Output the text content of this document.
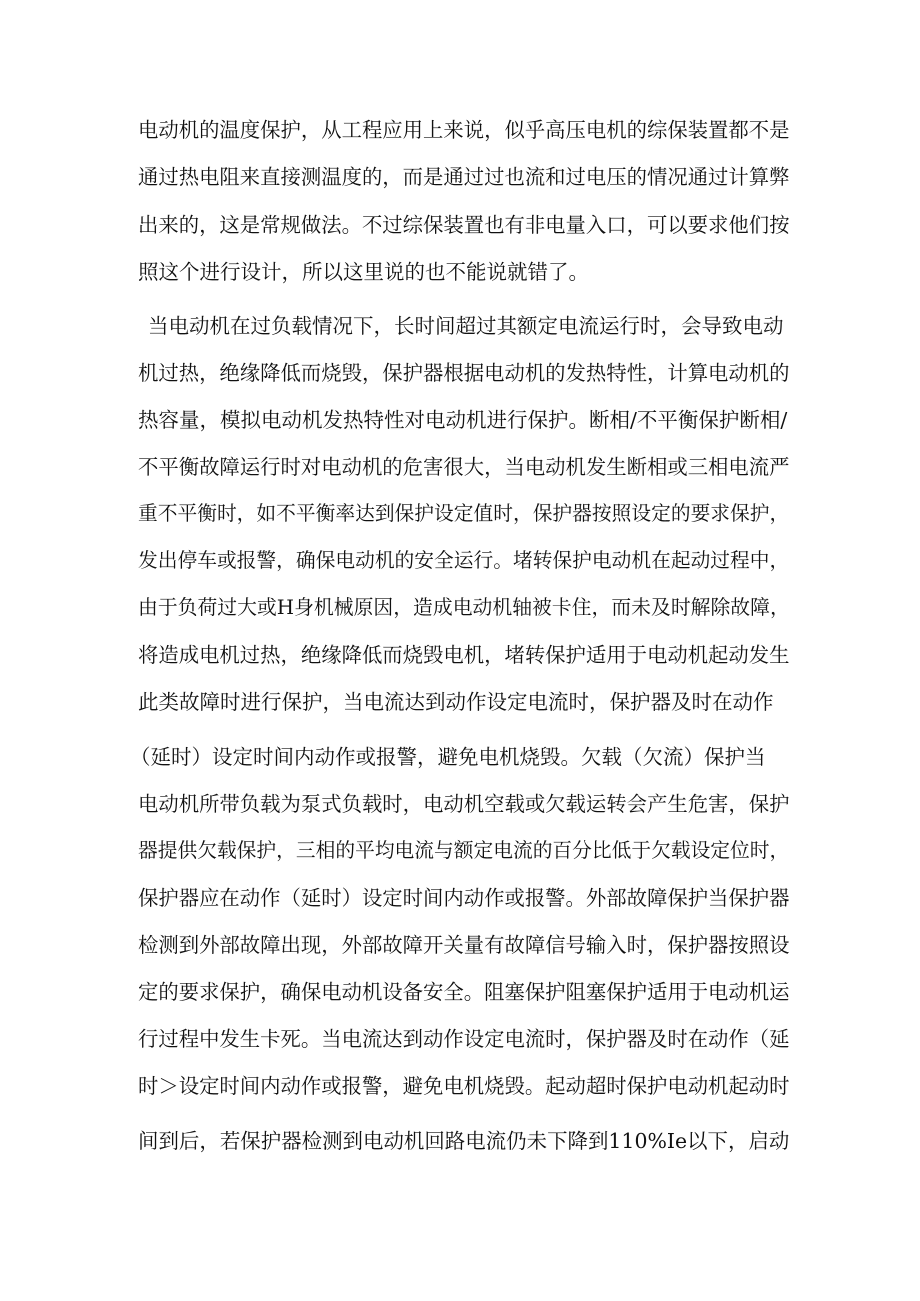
电动机的温度保护，从工程应用上来说，似乎高压电机的综保装置都不是
通过热电阻来直接测温度的，而是通过过也流和过电压的情况通过计算弊
出来的，这是常规做法。不过综保装置也有非电量入口，可以要求他们按
照这个进行设计，所以这里说的也不能说就错了。
当电动机在过负载情况下，长时间超过其额定电流运行时，会导致电动
机过热，绝缘降低而烧毁，保护器根据电动机的发热特性，计算电动机的
热容量，模拟电动机发热特性对电动机进行保护。断相/不平衡保护断相/
不平衡故障运行时对电动机的危害很大，当电动机发生断相或三相电流严
重不平衡时，如不平衡率达到保护设定值时，保护器按照设定的要求保护，
发出停车或报警，确保电动机的安全运行。堵转保护电动机在起动过程中，
由于负荷过大或H身机械原因，造成电动机轴被卡住，而未及时解除故障，
将造成电机过热，绝缘降低而烧毁电机，堵转保护适用于电动机起动发生
此类故障时进行保护，当电流达到动作设定电流时，保护器及时在动作
（延时）设定时间内动作或报警，避免电机烧毁。欠载（欠流）保护当
电动机所带负载为泵式负载时，电动机空载或欠载运转会产生危害，保护
器提供欠载保护，三相的平均电流与额定电流的百分比低于欠载设定位时，
保护器应在动作（延时）设定时间内动作或报警。外部故障保护当保护器
检测到外部故障出现，外部故障开关量有故障信号输入时，保护器按照设
定的要求保护，确保电动机设备安全。阻塞保护阻塞保护适用于电动机运
行过程中发生卡死。当电流达到动作设定电流时，保护器及时在动作（延
时＞设定时间内动作或报警，避免电机烧毁。起动超时保护电动机起动时
间到后，若保护器检测到电动机回路电流仍未下降到110%Ie以下，启动
